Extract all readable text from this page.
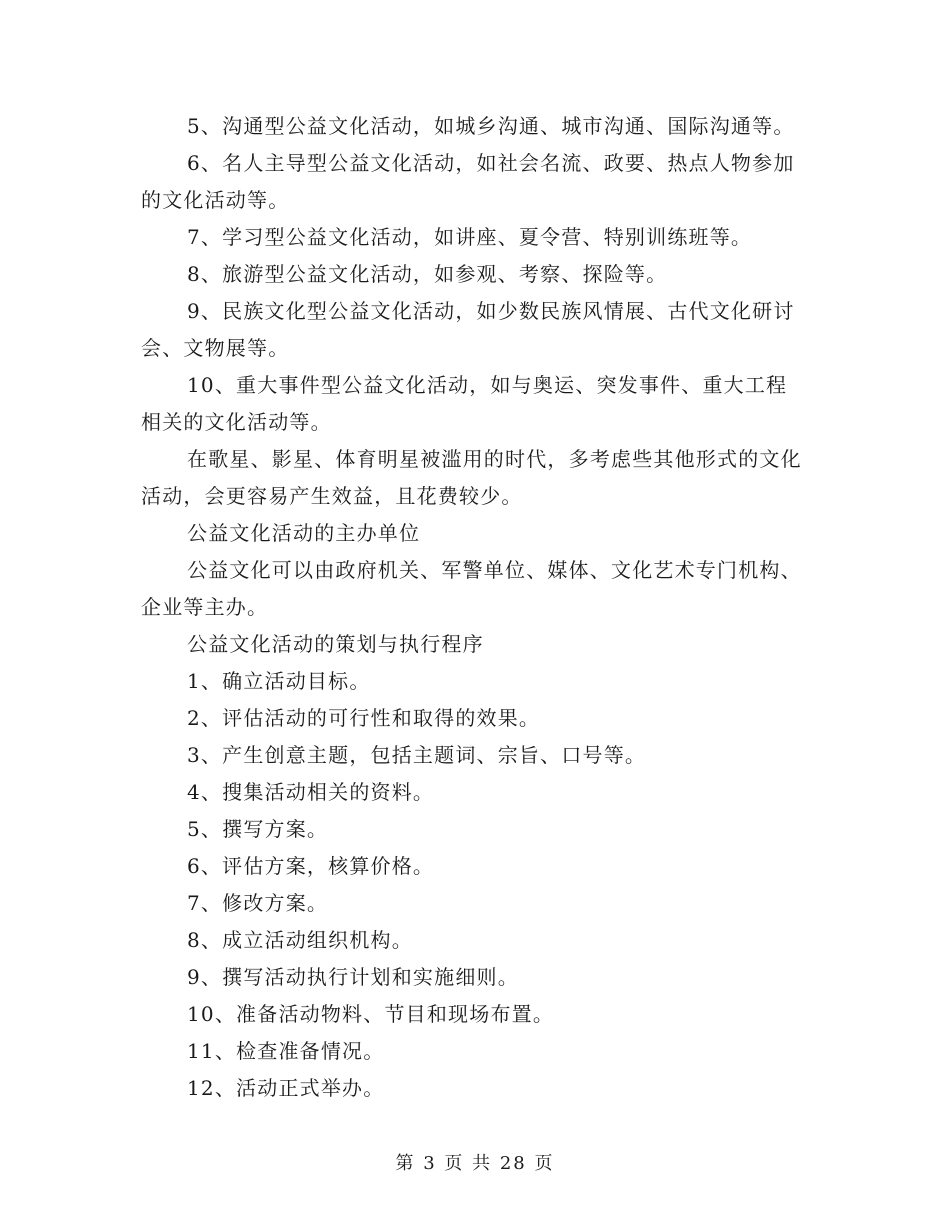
5、沟通型公益文化活动，如城乡沟通、城市沟通、国际沟通等。

6、名人主导型公益文化活动，如社会名流、政要、热点人物参加的文化活动等。

7、学习型公益文化活动，如讲座、夏令营、特别训练班等。

8、旅游型公益文化活动，如参观、考察、探险等。

9、民族文化型公益文化活动，如少数民族风情展、古代文化研讨会、文物展等。

10、重大事件型公益文化活动，如与奥运、突发事件、重大工程相关的文化活动等。

在歌星、影星、体育明星被滥用的时代，多考虑些其他形式的文化活动，会更容易产生效益，且花费较少。

公益文化活动的主办单位

公益文化可以由政府机关、军警单位、媒体、文化艺术专门机构、企业等主办。

公益文化活动的策划与执行程序

1、确立活动目标。

2、评估活动的可行性和取得的效果。

3、产生创意主题，包括主题词、宗旨、口号等。

4、搜集活动相关的资料。

5、撰写方案。

6、评估方案，核算价格。

7、修改方案。

8、成立活动组织机构。

9、撰写活动执行计划和实施细则。

10、准备活动物料、节目和现场布置。

11、检查准备情况。

12、活动正式举办。

第 3 页 共 28 页
